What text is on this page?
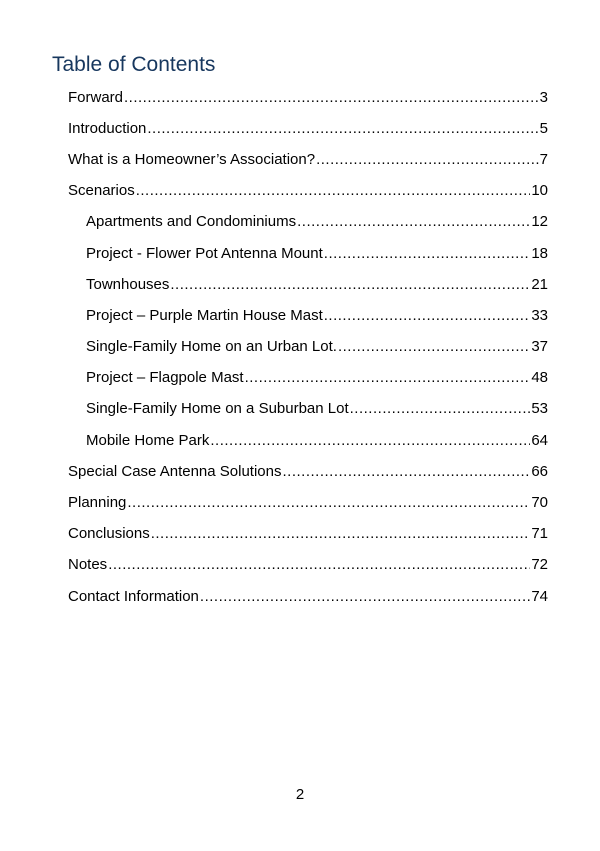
Table of Contents
Forward .....	3
Introduction .....	5
What is a Homeowner’s Association? .....	7
Scenarios .....	10
Apartments and Condominiums .....	12
Project - Flower Pot Antenna Mount .....	18
Townhouses .....	21
Project – Purple Martin House Mast .....	33
Single-Family Home on an Urban Lot. .....	37
Project – Flagpole Mast .....	48
Single-Family Home on a Suburban Lot .....	53
Mobile Home Park .....	64
Special Case Antenna Solutions .....	66
Planning .....	70
Conclusions .....	71
Notes .....	72
Contact Information .....	74
2
